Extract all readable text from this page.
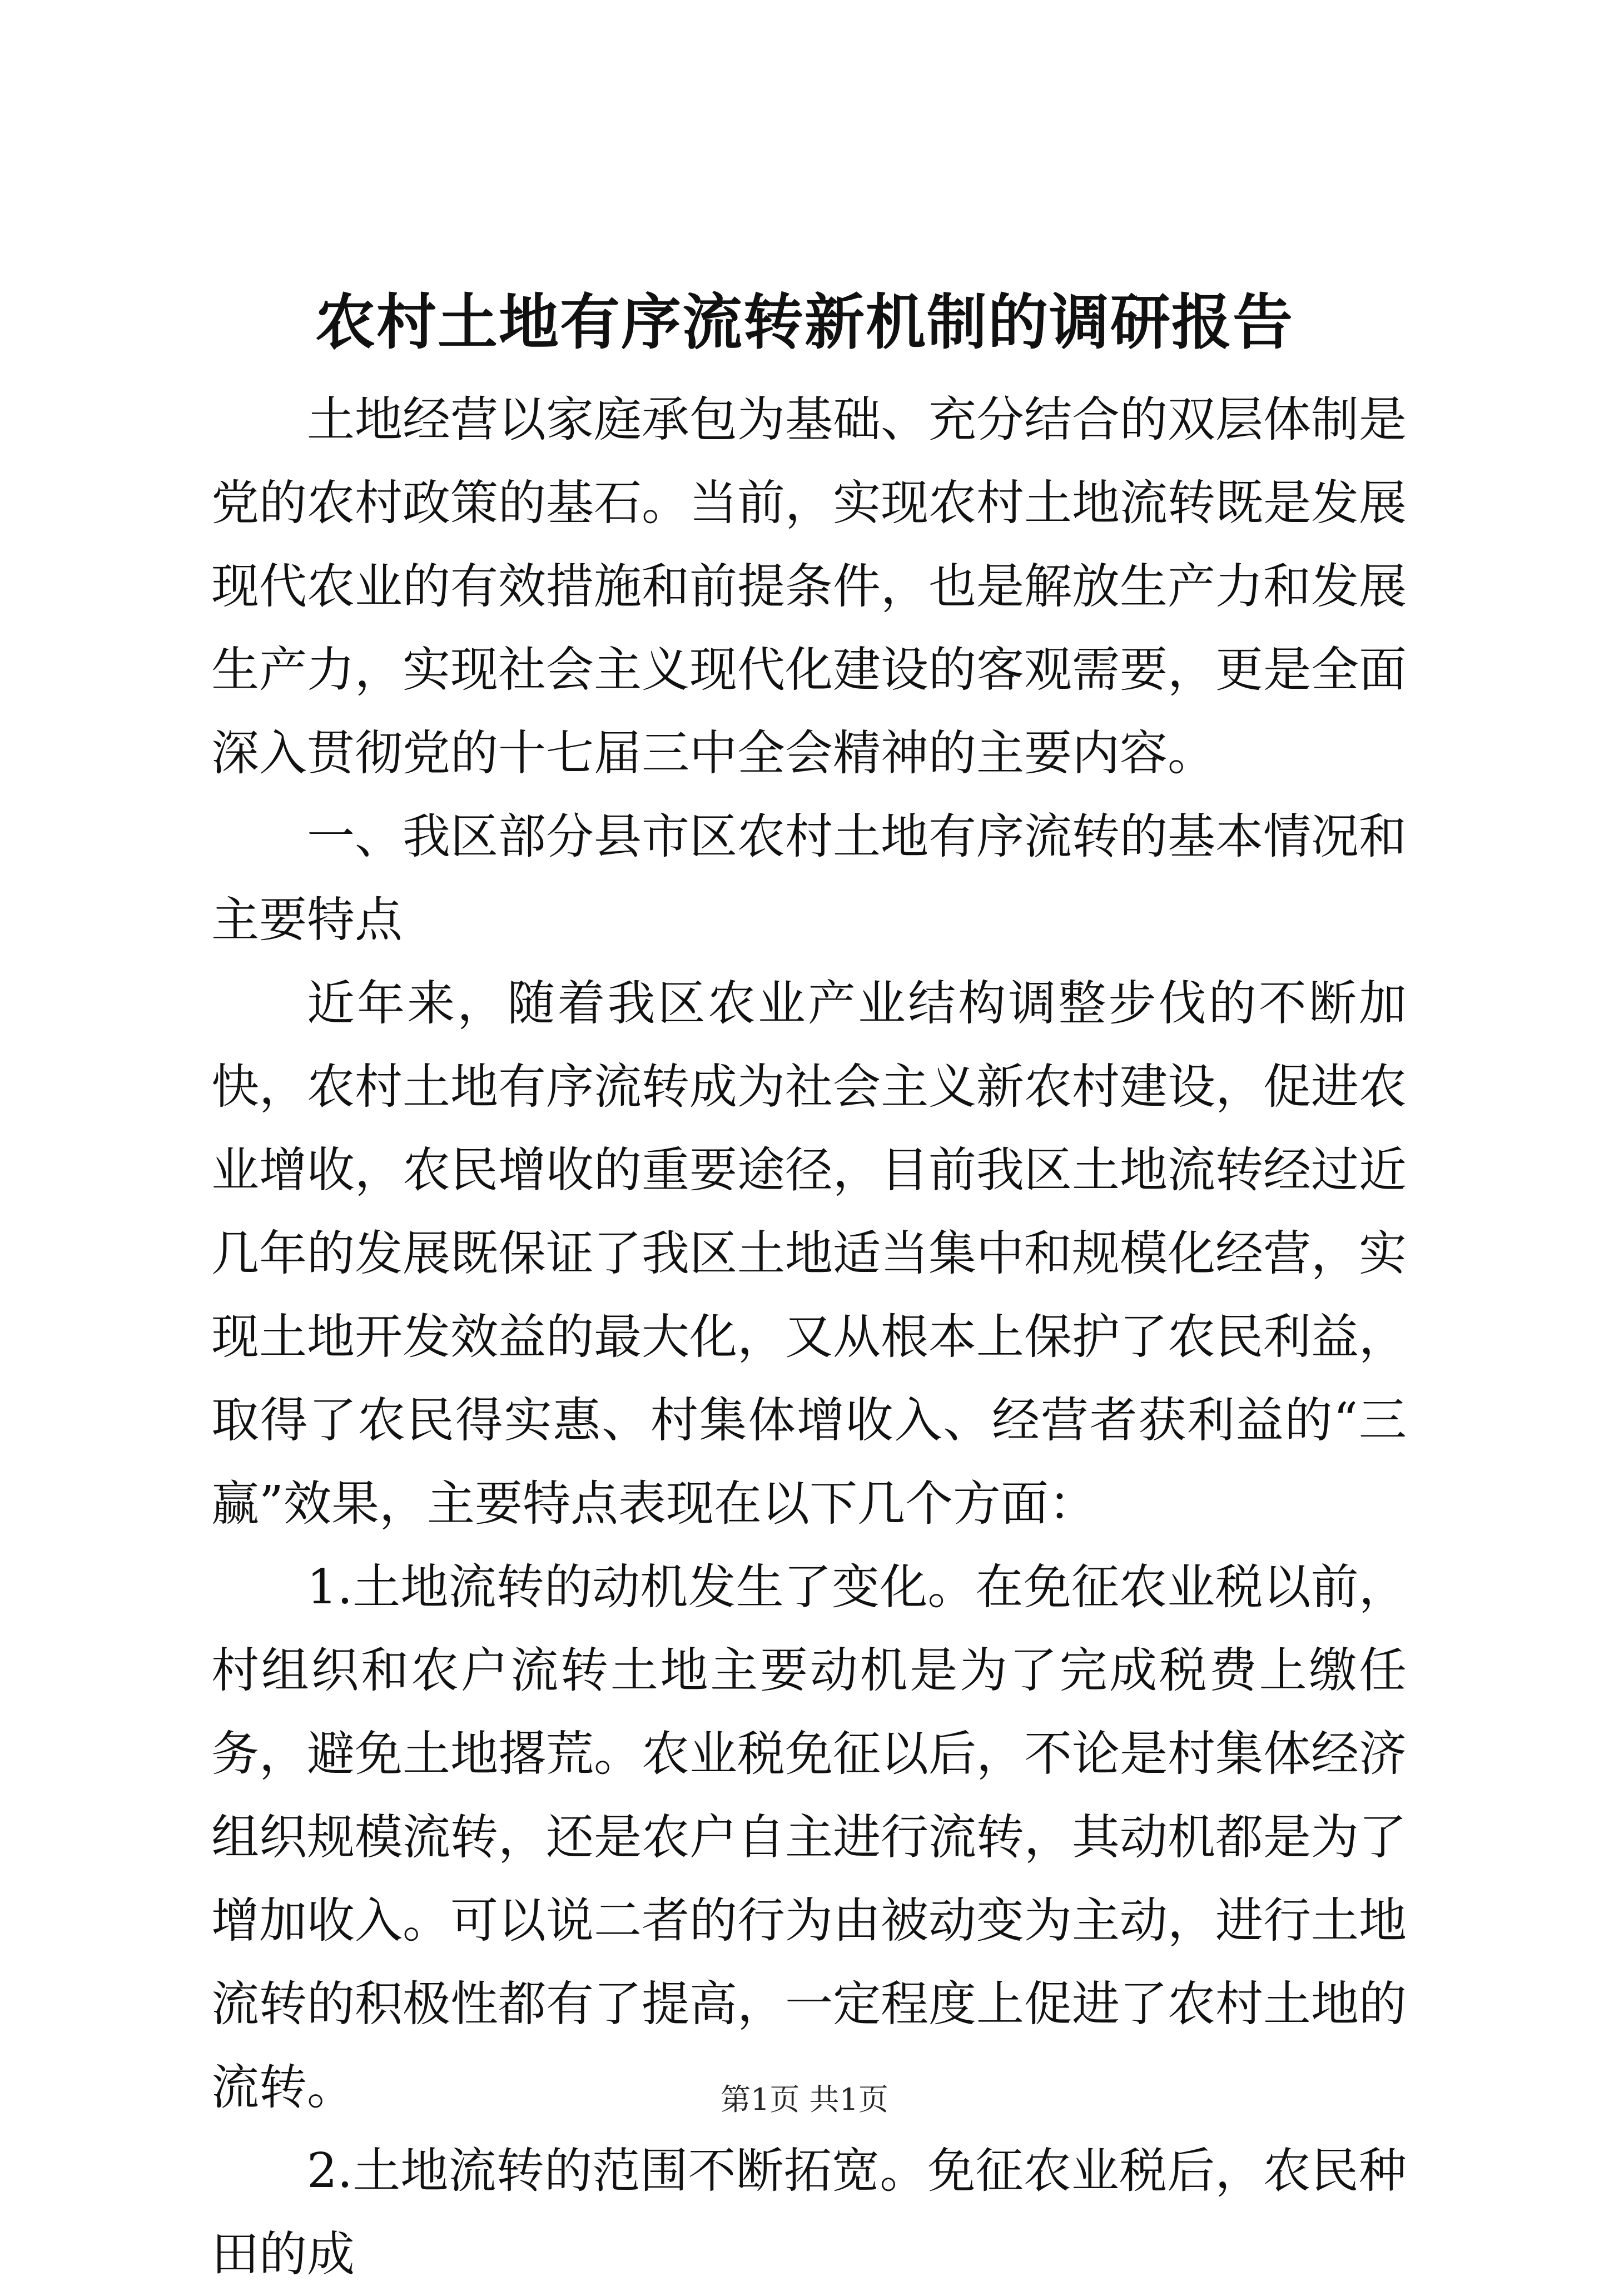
农村土地有序流转新机制的调研报告

土地经营以家庭承包为基础、充分结合的双层体制是党的农村政策的基石。当前，实现农村土地流转既是发展现代农业的有效措施和前提条件，也是解放生产力和发展生产力，实现社会主义现代化建设的客观需要，更是全面深入贯彻党的十七届三中全会精神的主要内容。

一、我区部分县市区农村土地有序流转的基本情况和主要特点

近年来，随着我区农业产业结构调整步伐的不断加快，农村土地有序流转成为社会主义新农村建设，促进农业增收，农民增收的重要途径，目前我区土地流转经过近几年的发展既保证了我区土地适当集中和规模化经营，实现土地开发效益的最大化，又从根本上保护了农民利益，取得了农民得实惠、村集体增收入、经营者获利益的“三赢”效果，主要特点表现在以下几个方面：

1.土地流转的动机发生了变化。在免征农业税以前，村组织和农户流转土地主要动机是为了完成税费上缴任务，避免土地撂荒。农业税免征以后，不论是村集体经济组织规模流转，还是农户自主进行流转，其动机都是为了增加收入。可以说二者的行为由被动变为主动，进行土地流转的积极性都有了提高，一定程度上促进了农村土地的流转。

2.土地流转的范围不断拓宽。免征农业税后，农民种田的成

第1页 共1页
